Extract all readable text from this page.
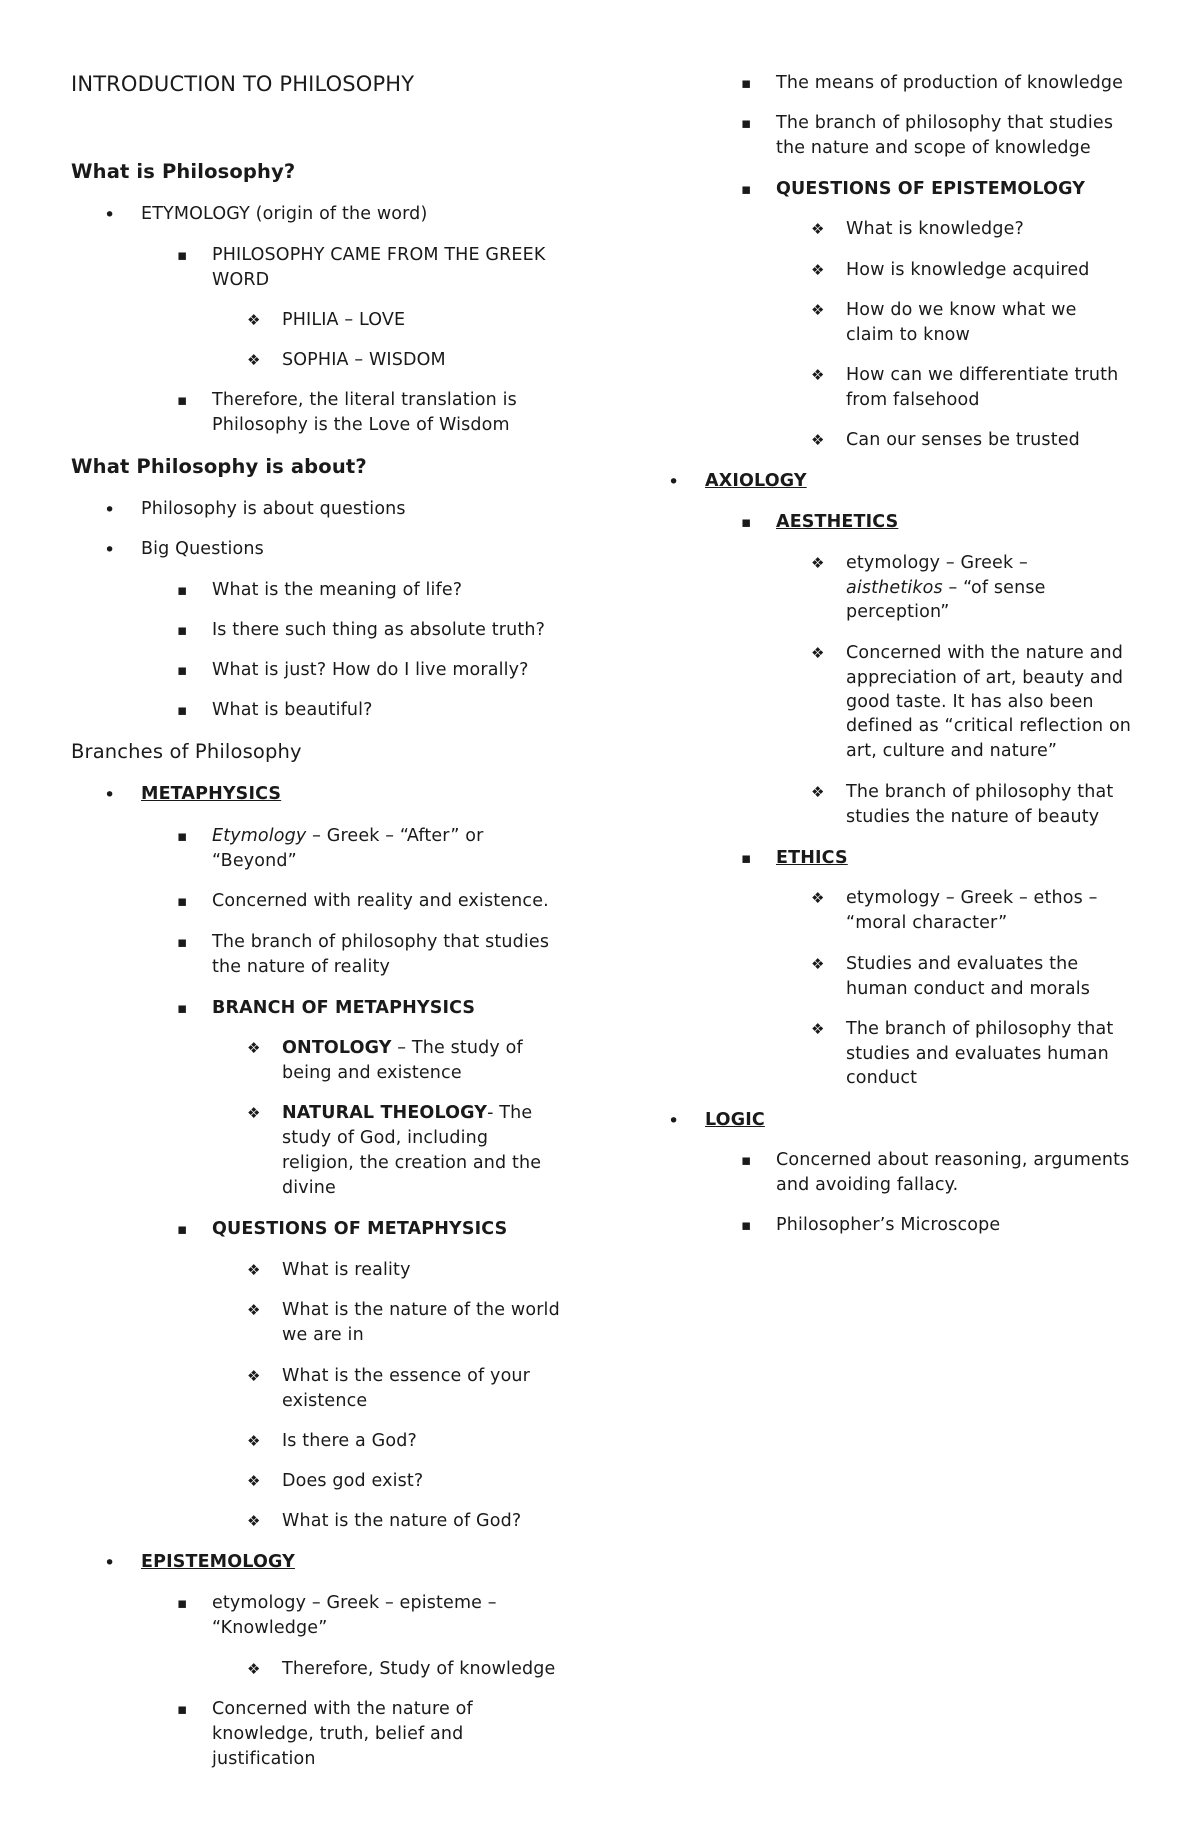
INTRODUCTION TO PHILOSOPHY
What is Philosophy?
•
ETYMOLOGY (origin of the word)
▪
PHILOSOPHY CAME FROM THE GREEK
WORD
❖
PHILIA – LOVE
❖
SOPHIA – WISDOM
▪
Therefore, the literal translation is
Philosophy is the Love of Wisdom
What Philosophy is about?
•
Philosophy is about questions
•
Big Questions
▪
What is the meaning of life?
▪
Is there such thing as absolute truth?
▪
What is just? How do I live morally?
▪
What is beautiful?
Branches of Philosophy
•
METAPHYSICS
▪
Etymology – Greek – “After” or
“Beyond”
▪
Concerned with reality and existence.
▪
The branch of philosophy that studies
the nature of reality
▪
BRANCH OF METAPHYSICS
❖
ONTOLOGY – The study of
being and existence
❖
NATURAL THEOLOGY- The
study of God, including
religion, the creation and the
divine
▪
QUESTIONS OF METAPHYSICS
❖
What is reality
❖
What is the nature of the world
we are in
❖
What is the essence of your
existence
❖
Is there a God?
❖
Does god exist?
❖
What is the nature of God?
•
EPISTEMOLOGY
▪
etymology – Greek – episteme –
“Knowledge”
❖
Therefore, Study of knowledge
▪
Concerned with the nature of
knowledge, truth, belief and
justification
▪
The means of production of knowledge
▪
The branch of philosophy that studies
the nature and scope of knowledge
▪
QUESTIONS OF EPISTEMOLOGY
❖
What is knowledge?
❖
How is knowledge acquired
❖
How do we know what we
claim to know
❖
How can we differentiate truth
from falsehood
❖
Can our senses be trusted
•
AXIOLOGY
▪
AESTHETICS
❖
etymology – Greek –
aisthetikos – “of sense
perception”
❖
Concerned with the nature and
appreciation of art, beauty and
good taste. It has also been
defined as “critical reflection on
art, culture and nature”
❖
The branch of philosophy that
studies the nature of beauty
▪
ETHICS
❖
etymology – Greek – ethos –
“moral character”
❖
Studies and evaluates the
human conduct and morals
❖
The branch of philosophy that
studies and evaluates human
conduct
•
LOGIC
▪
Concerned about reasoning, arguments
and avoiding fallacy.
▪
Philosopher’s Microscope
